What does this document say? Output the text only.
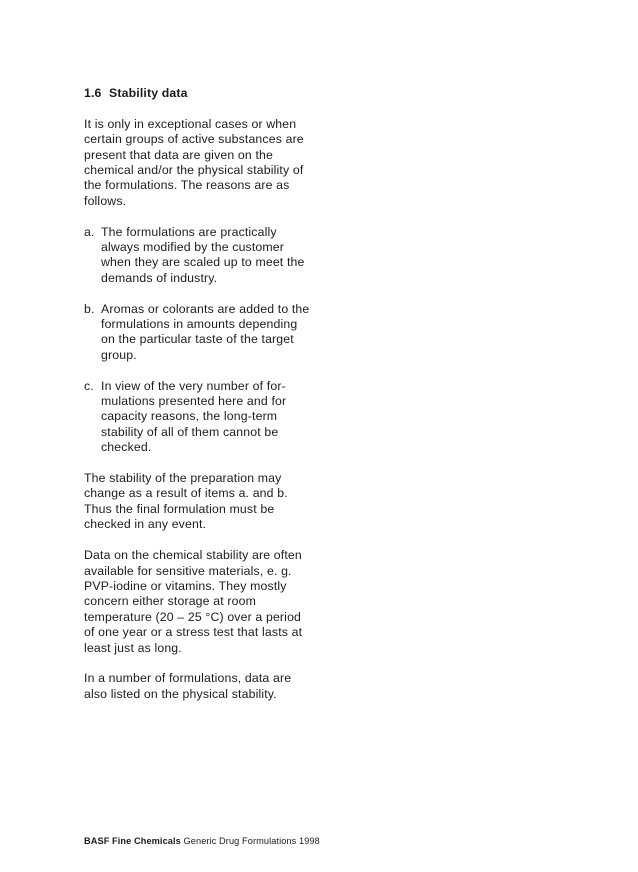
1.6 Stability data

It is only in exceptional cases or when certain groups of active substances are present that data are given on the chemical and/or the physical stability of the formulations. The reasons are as follows.

a. The formulations are practically always modified by the customer when they are scaled up to meet the demands of industry.
b. Aromas or colorants are added to the formulations in amounts depending on the particular taste of the target group.
c. In view of the very number of formulations presented here and for capacity reasons, the long-term stability of all of them cannot be checked.

The stability of the preparation may change as a result of items a. and b. Thus the final formulation must be checked in any event.

Data on the chemical stability are often available for sensitive materials, e. g. PVP-iodine or vitamins. They mostly concern either storage at room temperature (20 – 25 °C) over a period of one year or a stress test that lasts at least just as long.

In a number of formulations, data are also listed on the physical stability.

BASF Fine Chemicals Generic Drug Formulations 1998
